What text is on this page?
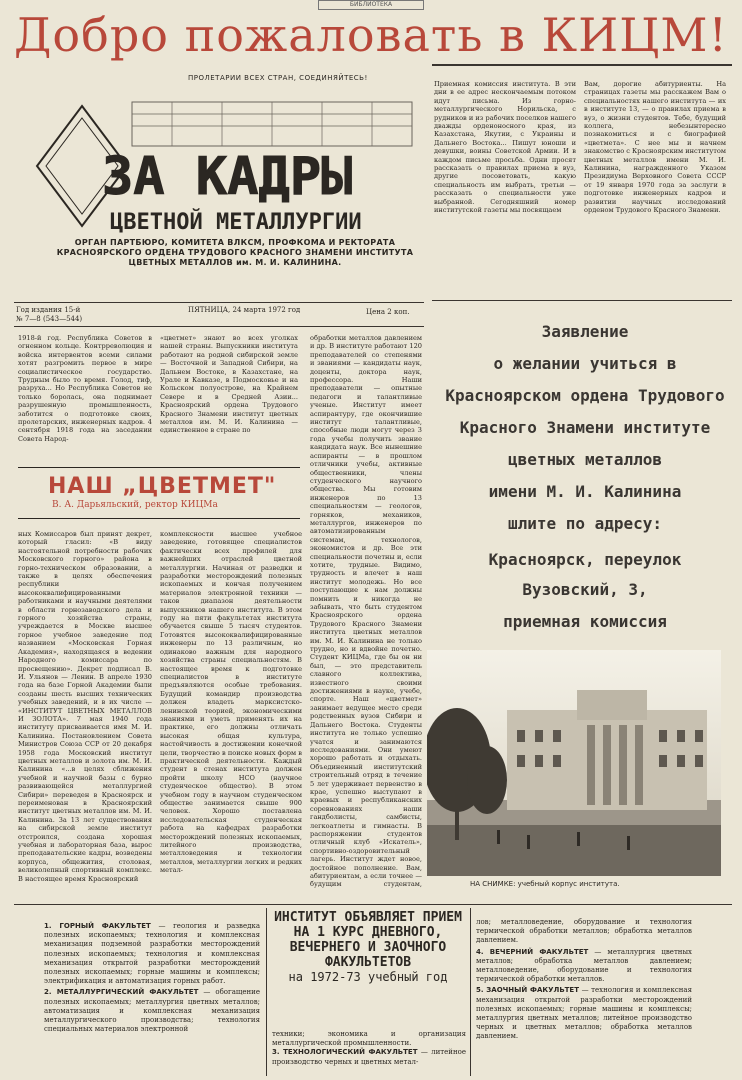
БИБЛИОТЕКА
Добро пожаловать в КИЦМ!
ПРОЛЕТАРИИ ВСЕХ СТРАН, СОЕДИНЯЙТЕСЬ!
ЗА КАДРЫ
ЦВЕТНОЙ МЕТАЛЛУРГИИ
ОРГАН ПАРТБЮРО, КОМИТЕТА ВЛКСМ, ПРОФКОМА И РЕКТОРАТА КРАСНОЯРСКОГО ОРДЕНА ТРУДОВОГО КРАСНОГО ЗНАМЕНИ ИНСТИТУТА ЦВЕТНЫХ МЕТАЛЛОВ им. М. И. КАЛИНИНА.
Год издания 15-й
№ 7—8 (543—544)
ПЯТНИЦА, 24 марта 1972 год	Цена 2 коп.

Приемная комиссия института. В эти дни в ее адрес нескончаемым потоком идут письма. Из горно-металлургического Норильска, с рудников и из рабочих поселков нашего дважды орденоносного края, из Казахстана, Якутии, с Украины и Дальнего Востока... Пишут юноши и девушки, воины Советской Армии. И в каждом письме просьба. Одни просят рассказать о правилах приема в вуз, другие посоветовать, какую специальность им выбрать, третьи — рассказать о специальности уже выбранной. Сегодняшний номер институтской газеты мы посвящаем

Вам, дорогие абитуриенты. На страницах газеты мы расскажем Вам о специальностях нашего института — их в институте 13, — о правилах приема в вуз, о жизни студентов. Тебе, будущий коллега, небезынтересно познакомиться и с биографией «цветмета». С нее мы и начнем знакомство с Красноярским институтом цветных металлов имени М. И. Калинина, награжденного Указом Президиума Верховного Совета СССР от 19 января 1970 года за заслуги в подготовке инженерных кадров и развитии научных исследований орденом Трудового Красного Знамени.

1918-й год. Республика Советов в огненном кольце. Контрреволюция и войска интервентов всеми силами хотят разгромить первое в мире социалистическое государство. Трудным было то время. Голод, тиф, разруха... Но Республика Советов не только боролась, она поднимает разрушенную промышленность, заботится о подготовке своих, пролетарских, инженерных кадров. 4 сентября 1918 года на заседании Совета Народ-

«цветмет» знают во всех уголках нашей страны. Выпускники института работают на родной сибирской земле — Восточной и Западной Сибири, на Дальнем Востоке, в Казахстане, на Урале и Кавказе, в Подмосковье и на Кольском полуострове, на Крайнем Севере и в Средней Азии... Красноярский ордена Трудового Красного Знамени институт цветных металлов им. М. И. Калинина — единственное в стране по

обработки металлов давлением и др. В институте работают 120 преподавателей со степенями и званиями — кандидаты наук, доценты, доктора наук, профессора. Наши преподаватели — опытные педагоги и талантливые ученые. Институт имеет аспирантуру, где окончившие институт талантливые, способные люди могут через 3 года учебы получить звание кандидата наук. Все нынешние аспиранты — в прошлом отличники учебы, активные общественники, члены студенческого научного общества. Мы готовим инженеров по 13 специальностям — геологов, горняков, механиков, металлургов, инженеров по автоматизированным системам, технологов, экономистов и др. Все эти специальности почетны и, если хотите, трудные. Видимо, трудность и влечет в наш институт молодежь. Но все поступающие к нам должны помнить и никогда не забывать, что быть студентом Красноярского ордена Трудового Красного Знамени института цветных металлов им. М. И. Калинина не только трудно, но и вдвойне почетно. Студент КИЦМа, где бы он ни был, — это представитель славного коллектива, известного своими достижениями в науке, учебе, спорте. Наш «цветмет» занимает ведущее место среди родственных вузов Сибири и Дальнего Востока. Студенты института не только успешно учатся и занимаются исследованиями. Они умеют хорошо работать и отдыхать. Объединенный институтский строительный отряд в течение 5 лет удерживает первенство в крае, успешно выступают в краевых и республиканских соревнованиях наши гандболисты, самбисты, легкоатлеты и гимнасты. В распоряжении студентов отличный клуб «Искатель», спортивно-оздоровительный лагерь. Институт ждет новое, достойное пополнение. Вам, абитуриентам, а если точнее — будущим студентам,

НАШ „ЦВЕТМЕТ"
В. А. Дарьяльский, ректор КИЦМа

ных Комиссаров был принят декрет, который гласил: «В виду настоятельной потребности рабочих Московского горного» района в горно-техническом образовании, а также в целях обеспечения республики высококвалифицированными работниками и научными деятелями в области горнозаводского дела и горного хозяйства страны, учреждается в Москве высшее горное учебное заведение под названием «Московская Горная Академия», находящаяся в ведении Народного комиссара по просвещению». Декрет подписал В. И. Ульянов — Ленин. В апреле 1930 года на базе Горной Академии были созданы шесть высших технических учебных заведений, и в их числе — «ИНСТИТУТ ЦВЕТНЫХ МЕТАЛЛОВ И ЗОЛОТА». 7 мая 1940 года институту присваивается имя М. И. Калинина. Постановлением Совета Министров Союза ССР от 20 декабря 1958 года Московский институт цветных металлов и золота им. М. И. Калинина «...в целях сближения учебной и научной базы с бурно развивающейся металлургией Сибири» переведен в Красноярск и переименован в Красноярский институт цветных металлов им. М. И. Калинина. За 13 лет существования на сибирской земле институт отстроился, создана хорошая учебная и лабораторная база, вырос преподавательские кадры, возведены корпуса, общежития, столовая, великолепный спортивный комплекс. В настоящее время Красноярский

комплексности высшее учебное заведение, готовящее специалистов фактически всех профилей для важнейших отраслей цветной металлургии. Начиная от разведки и разработки месторождений полезных ископаемых и кончая получением материалов электронной техники — таков диапазон деятельности выпускников нашего института. В этом году на пяти факультетах института обучается свыше 5 тысяч студентов. Готовятся высококвалифицированные инженеры по 13 различным, но одинаково важным для народного хозяйства страны специальностям. В настоящее время к подготовке специалистов в институте предъявляются особые требования. Будущий командир производства должен владеть марксистско-ленинской теорией, экономическими знаниями и уметь применять их на практике, его должны отличать высокая общая культура, настойчивость в достижении конечной цели, творчество в поиске новых форм в практической деятельности. Каждый студент в стенах института должен пройти школу НСО (научное студенческое общество). В этом учебном году в научном студенческом обществе занимается свыше 900 человек. Хорошо поставлена исследовательская студенческая работа на кафедрах разработки месторождений полезных ископаемых, литейного производства, металловедения и технологии металлов, металлургии легких и редких метал-

Заявление
о желании учиться в
Красноярском ордена Трудового
Красного Знамени институте
цветных металлов
имени М. И. Калинина
шлите по адресу:
Красноярск, переулок
Вузовский, 3,
приемная комиссия
НА СНИМКЕ: учебный корпус института.
ИНСТИТУТ ОБЪЯВЛЯЕТ ПРИЕМ
НА 1 КУРС ДНЕВНОГО,
ВЕЧЕРНЕГО И ЗАОЧНОГО
ФАКУЛЬТЕТОВ
на 1972-73 учебный год

1. ГОРНЫЙ ФАКУЛЬТЕТ — геология и разведка полезных ископаемых; технология и комплексная механизация подземной разработки месторождений полезных ископаемых; технология и комплексная механизация открытой разработки месторождений полезных ископаемых; горные машины и комплексы; электрификация и автоматизация горных работ.

2. МЕТАЛЛУРГИЧЕСКИЙ ФАКУЛЬТЕТ — обогащение полезных ископаемых; металлургия цветных металлов; автоматизация и комплексная механизация металлургического производства; технология специальных материалов электронной

техники; экономика и организация металлургической промышленности.

3. ТЕХНОЛОГИЧЕСКИЙ ФАКУЛЬТЕТ — литейное производство черных и цветных метал-

лов; металловедение, оборудование и технология термической обработки металлов; обработка металлов давлением.

4. ВЕЧЕРНИЙ ФАКУЛЬТЕТ — металлургия цветных металлов; обработка металлов давлением; металловедение, оборудование и технология термической обработки металлов.

5. ЗАОЧНЫЙ ФАКУЛЬТЕТ — технология и комплексная механизация открытой разработки месторождений полезных ископаемых; горные машины и комплексы; металлургия цветных металлов; литейное производство черных и цветных металлов; обработка металлов давлением.
